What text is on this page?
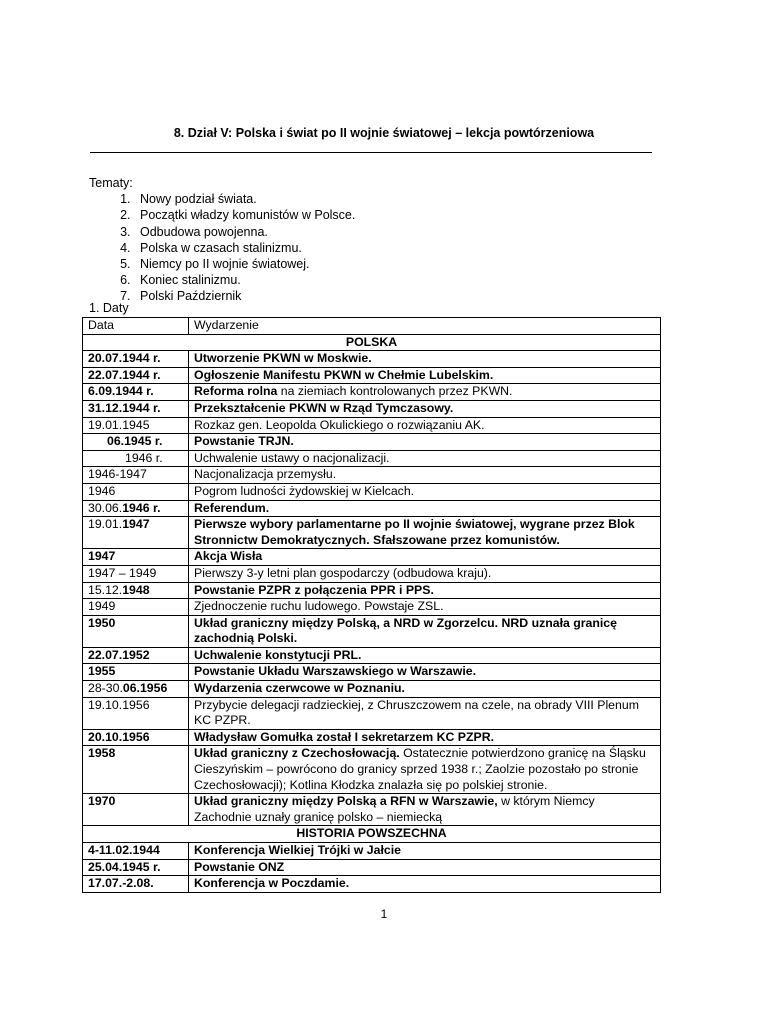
8. Dział V: Polska i świat po II wojnie światowej – lekcja powtórzeniowa

Tematy:

1. Nowy podział świata.
2. Początki władzy komunistów w Polsce.
3. Odbudowa powojenna.
4. Polska w czasach stalinizmu.
5. Niemcy po II wojnie światowej.
6. Koniec stalinizmu.
7. Polski Październik
1. Daty
Data	Wydarzenie
POLSKA	
20.07.1944 r.	Utworzenie PKWN w Moskwie.
22.07.1944 r.	Ogłoszenie Manifestu PKWN w Chełmie Lubelskim.
6.09.1944 r.	Reforma rolna na ziemiach kontrolowanych przez PKWN.
31.12.1944 r.	Przekształcenie PKWN w Rząd Tymczasowy.
19.01.1945	Rozkaz gen. Leopolda Okulickiego o rozwiązaniu AK.
06.1945 r.	Powstanie TRJN.
1946 r.	Uchwalenie ustawy o nacjonalizacji.
1946-1947	Nacjonalizacja przemysłu.
1946	Pogrom ludności żydowskiej w Kielcach.
30.06.1946 r.	Referendum.
19.01.1947	Pierwsze wybory parlamentarne po II wojnie światowej, wygrane przez Blok Stronnictw Demokratycznych. Sfałszowane przez komunistów.
1947	Akcja Wisła
1947 – 1949	Pierwszy 3-y letni plan gospodarczy (odbudowa kraju).
15.12.1948	Powstanie PZPR z połączenia PPR i PPS.
1949	Zjednoczenie ruchu ludowego. Powstaje ZSL.
1950	Układ graniczny między Polską, a NRD w Zgorzelcu. NRD uznała granicę zachodnią Polski.
22.07.1952	Uchwalenie konstytucji PRL.
1955	Powstanie Układu Warszawskiego w Warszawie.
28-30.06.1956	Wydarzenia czerwcowe w Poznaniu.
19.10.1956	Przybycie delegacji radzieckiej, z Chruszczowem na czele, na obrady VIII Plenum KC PZPR.
20.10.1956	Władysław Gomułka został I sekretarzem KC PZPR.
1958	Układ graniczny z Czechosłowacją. Ostatecznie potwierdzono granicę na Śląsku Cieszyńskim – powrócono do granicy sprzed 1938 r.; Zaolzie pozostało po stronie Czechosłowacji); Kotlina Kłodzka znalazła się po polskiej stronie.
1970	Układ graniczny między Polską a RFN w Warszawie, w którym Niemcy Zachodnie uznały granicę polsko – niemiecką
HISTORIA POWSZECHNA	
4-11.02.1944	Konferencja Wielkiej Trójki w Jałcie
25.04.1945 r.	Powstanie ONZ
17.07.-2.08.	Konferencja w Poczdamie.
1
